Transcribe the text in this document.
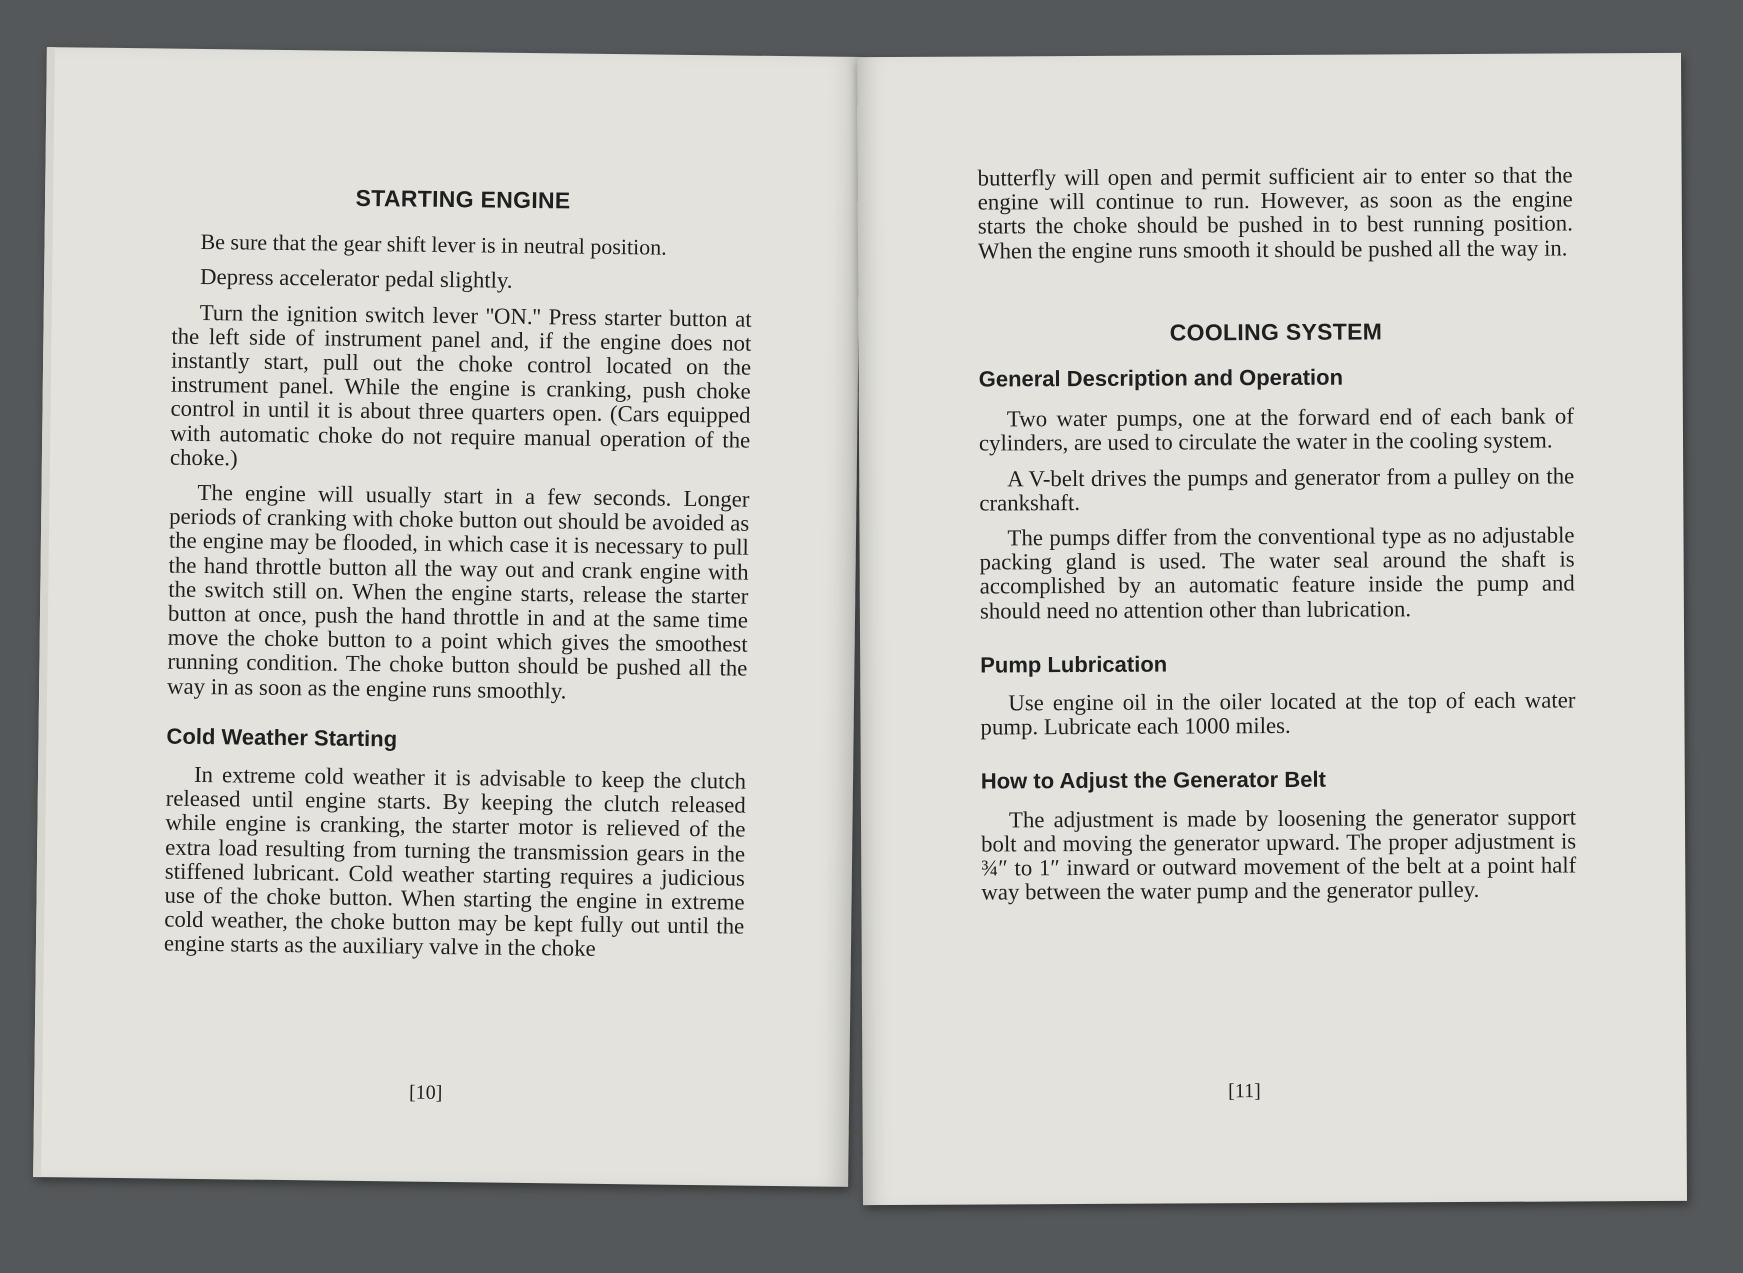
STARTING ENGINE

Be sure that the gear shift lever is in neutral position.

Depress accelerator pedal slightly.

Turn the ignition switch lever ''ON.'' Press starter button at the left side of instrument panel and, if the engine does not instantly start, pull out the choke control located on the instrument panel. While the engine is cranking, push choke control in until it is about three quarters open. (Cars equipped with automatic choke do not require manual operation of the choke.)

The engine will usually start in a few seconds. Longer periods of cranking with choke button out should be avoided as the engine may be flooded, in which case it is necessary to pull the hand throttle button all the way out and crank engine with the switch still on. When the engine starts, release the starter button at once, push the hand throttle in and at the same time move the choke button to a point which gives the smoothest running condition. The choke button should be pushed all the way in as soon as the engine runs smoothly.

Cold Weather Starting

In extreme cold weather it is advisable to keep the clutch released until engine starts. By keeping the clutch released while engine is cranking, the starter motor is relieved of the extra load resulting from turning the transmission gears in the stiffened lubricant. Cold weather starting requires a judicious use of the choke button. When starting the engine in extreme cold weather, the choke button may be kept fully out until the engine starts as the auxiliary valve in the choke

[10]

butterfly will open and permit sufficient air to enter so that the engine will continue to run. However, as soon as the engine starts the choke should be pushed in to best running position. When the engine runs smooth it should be pushed all the way in.

COOLING SYSTEM
General Description and Operation

Two water pumps, one at the forward end of each bank of cylinders, are used to circulate the water in the cooling system.

A V-belt drives the pumps and generator from a pulley on the crankshaft.

The pumps differ from the conventional type as no adjustable packing gland is used. The water seal around the shaft is accomplished by an automatic feature inside the pump and should need no attention other than lubrication.

Pump Lubrication

Use engine oil in the oiler located at the top of each water pump. Lubricate each 1000 miles.

How to Adjust the Generator Belt

The adjustment is made by loosening the generator support bolt and moving the generator upward. The proper adjustment is ¾″ to 1″ inward or outward movement of the belt at a point half way between the water pump and the generator pulley.

[11]
